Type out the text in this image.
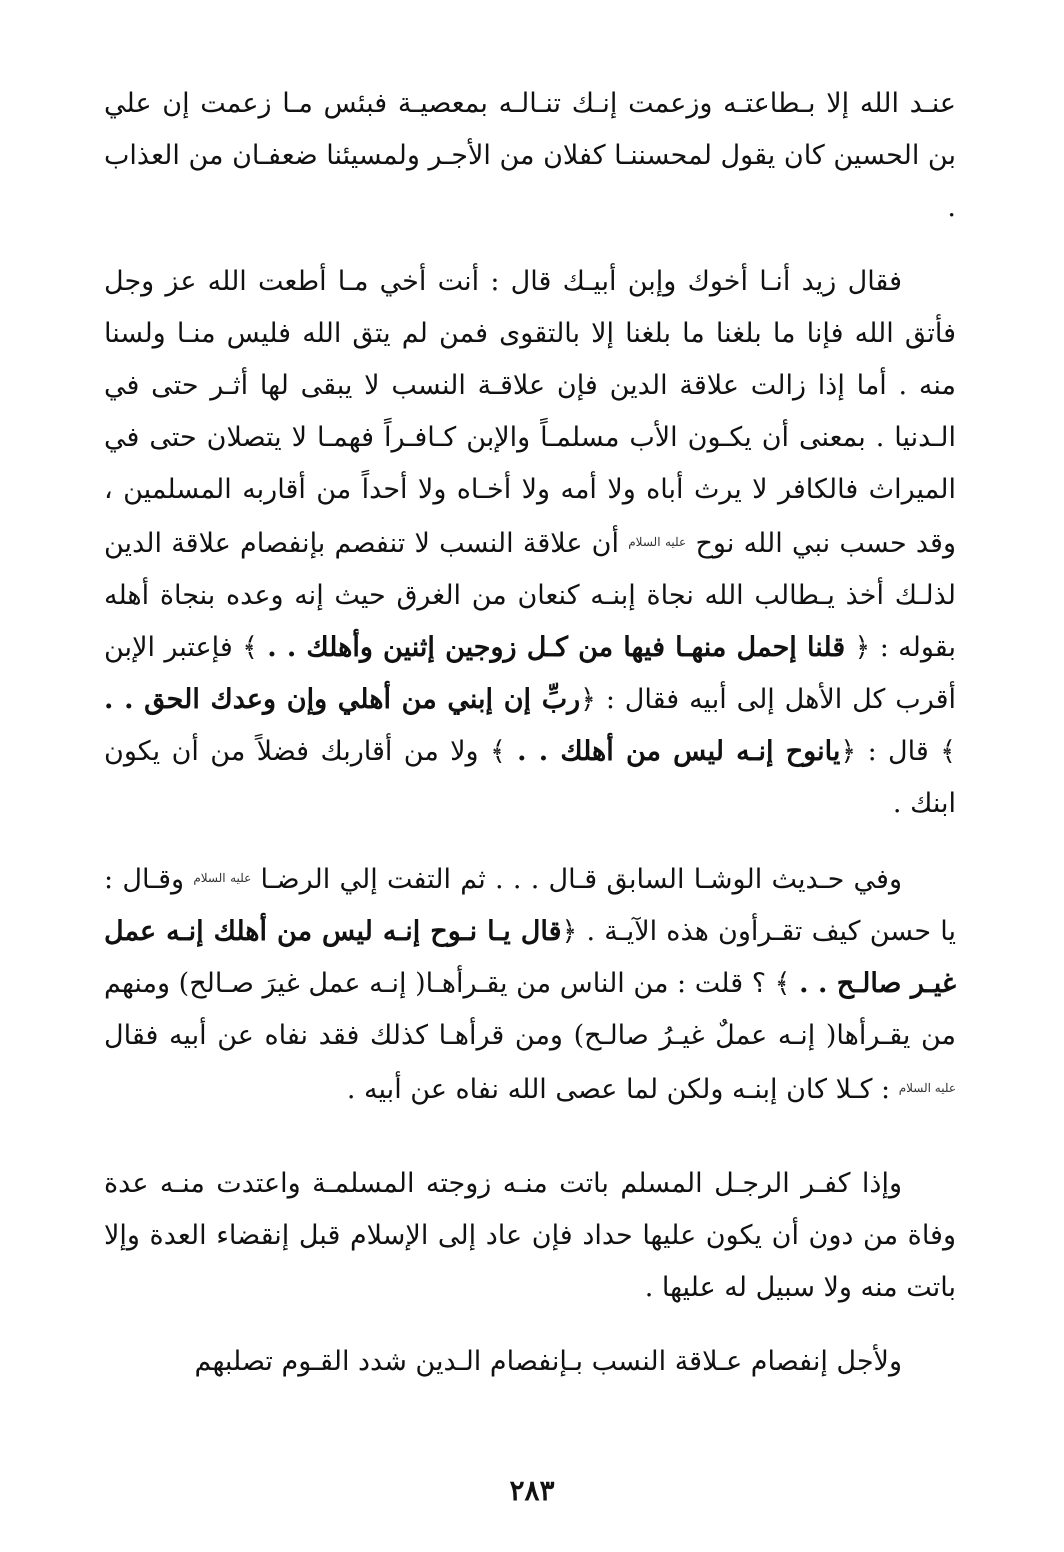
عنـد الله إلا بـطاعتـه وزعمت إنـك تنـالـه بمعصيـة فبئس مـا زعمت إن علي بن الحسين كان يقول لمحسننـا كفلان من الأجـر ولمسيئنا ضعفـان من العذاب .

فقال زيد أنـا أخوك وإبن أبيـك قال : أنت أخي مـا أطعت الله عز وجل فأتق الله فإنا ما بلغنا ما بلغنا إلا بالتقوى فمن لم يتق الله فليس منـا ولسنا منه . أما إذا زالت علاقة الدين فإن علاقـة النسب لا يبقى لها أثـر حتى في الـدنيا . بمعنى أن يكـون الأب مسلمـاً والإبن كـافـراً فهمـا لا يتصلان حتى في الميراث فالكافر لا يرث أباه ولا أمه ولا أخـاه ولا أحداً من أقاربه المسلمين ، وقد حسب نبي الله نوح $^{عليه السلام}$ أن علاقة النسب لا تنفصم بإنفصام علاقة الدين لذلـك أخذ يـطالب الله نجاة إبنـه كنعان من الغرق حيث إنه وعده بنجاة أهله بقوله : ﴿ قلنا إحمل منهـا فيها من كـل زوجين إثنين وأهلك . . ﴾ فإعتبر الإبن أقرب كل الأهل إلى أبيه فقال : ﴿ربِّ إن إبني من أهلي وإن وعدك الحق . . ﴾ قال : ﴿يانوح إنـه ليس من أهلك . . ﴾ ولا من أقاربك فضلاً من أن يكون ابنك .

وفي حـديث الوشـا السابق قـال . . . ثم التفت إلي الرضـا $^{عليه السلام}$ وقـال : يا حسن كيف تقـرأون هذه الآيـة . ﴿قال يـا نـوح إنـه ليس من أهلك إنـه عمل غيـر صالـح . . ﴾ ؟ قلت : من الناس من يقـرأهـا( إنـه عمل غيرَ صـالح) ومنهم من يقـرأها( إنـه عملٌ غيـرُ صالـح) ومن قرأهـا كذلك فقد نفاه عن أبيه فقال $^{عليه السلام}$ : كـلا كان إبنـه ولكن لما عصى الله نفاه عن أبيه .

وإذا كفـر الرجـل المسلم باتت منـه زوجته المسلمـة واعتدت منـه عدة وفاة من دون أن يكون عليها حداد فإن عاد إلى الإسلام قبل إنقضاء العدة وإلا باتت منه ولا سبيل له عليها .

ولأجل إنفصام عـلاقة النسب بـإنفصام الـدين شدد القـوم تصلبهم

٢٨٣
